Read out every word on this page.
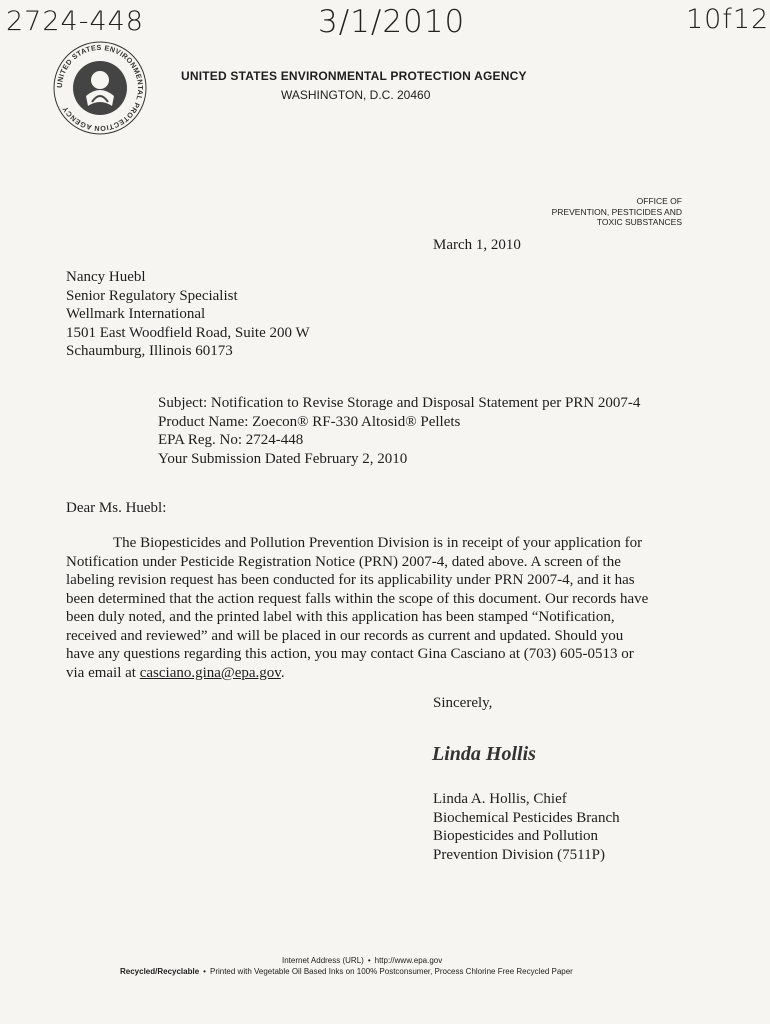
2724-448	3/1/2010	10f12
UNITED STATES ENVIRONMENTAL PROTECTION AGENCY
UNITED STATES ENVIRONMENTAL PROTECTION AGENCY
WASHINGTON, D.C. 20460
OFFICE OF
PREVENTION, PESTICIDES AND
TOXIC SUBSTANCES
March 1, 2010
Nancy Huebl
Senior Regulatory Specialist
Wellmark International
1501 East Woodfield Road, Suite 200 W
Schaumburg, Illinois 60173
Subject: Notification to Revise Storage and Disposal Statement per PRN 2007-4
Product Name: Zoecon® RF-330 Altosid® Pellets
EPA Reg. No: 2724-448
Your Submission Dated February 2, 2010
Dear Ms. Huebl:
The Biopesticides and Pollution Prevention Division is in receipt of your application for
Notification under Pesticide Registration Notice (PRN) 2007-4, dated above. A screen of the
labeling revision request has been conducted for its applicability under PRN 2007-4, and it has
been determined that the action request falls within the scope of this document. Our records have
been duly noted, and the printed label with this application has been stamped “Notification,
received and reviewed” and will be placed in our records as current and updated. Should you
have any questions regarding this action, you may contact Gina Casciano at (703) 605-0513 or
via email at casciano.gina@epa.gov.
Sincerely,
Linda Hollis
Linda A. Hollis, Chief
Biochemical Pesticides Branch
Biopesticides and Pollution
Prevention Division (7511P)
Internet Address (URL) • http://www.epa.gov
Recycled/Recyclable • Printed with Vegetable Oil Based Inks on 100% Postconsumer, Process Chlorine Free Recycled Paper
